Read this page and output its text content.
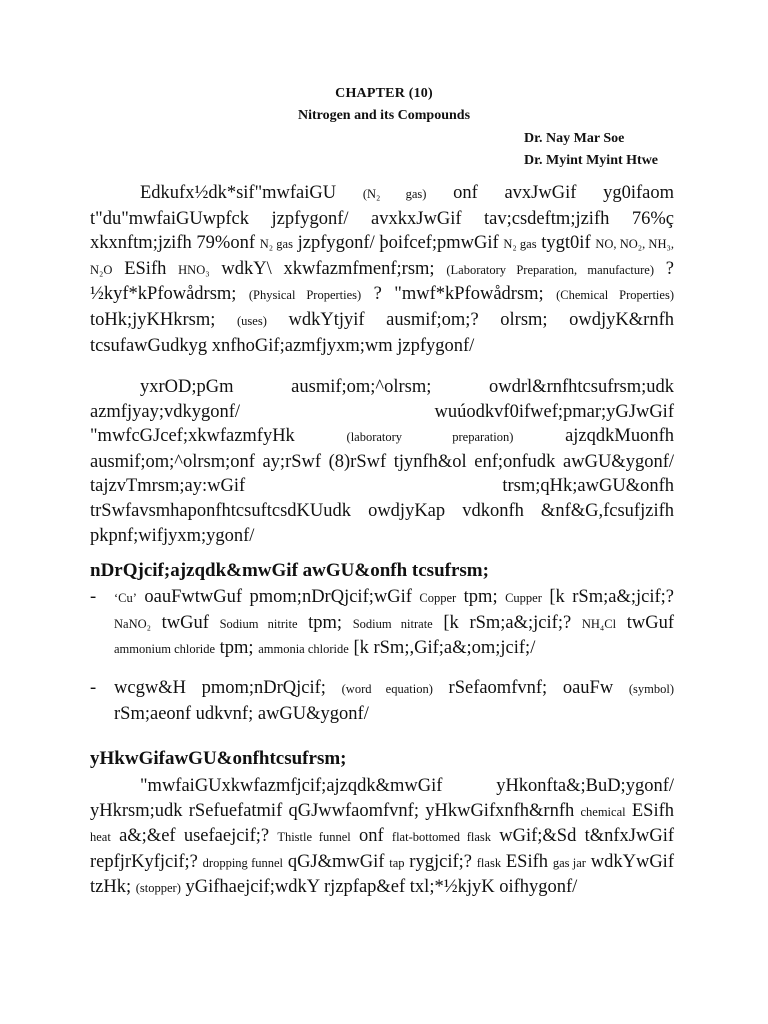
CHAPTER (10)
Nitrogen and its Compounds
Dr. Nay Mar Soe
Dr. Myint Myint Htwe

Edkufx½dk*sif"mwfaiGU (N₂ gas) onf avxJwGif yg0ifaom t"du"mwfaiGUwpfck jzpfygonf/ avxkxJwGif tav;csdeftm;jzifh 76%ç xkxnftm;jzifh 79%onf N₂ gas jzpfygonf/ þoifcef;pmwGif N₂ gas tygt0if NO, NO₂, NH₃, N₂O ESifh HNO₃ wdkY\ xkwfazmfmenf;rsm; (Laboratory Preparation, manufacture) ? ½kyf*kPfowådrsm; (Physical Properties) ? "mwf*kPfowådrsm; (Chemical Properties) toHk;jyKHkrsm; (uses) wdkYtjyif ausmif;om;? olrsm; owdjyK&rnfh tcsufawGudkyg xnfhoGif;azmfjyxm;wm jzpfygonf/

yxrOD;pGm ausmif;om;^olrsm; owdrl&rnfhtcsufrsm;udk azmfjyay;vdkygonf/ wuúodkvf0ifwef;pmar;yGJwGif "mwfcGJcef;xkwfazmfyHk (laboratory preparation) ajzqdkMuonfh ausmif;om;^olrsm;onf ay;rSwf (8)rSwf tjynfh&ol enf;onfudk awGU&ygonf/ tajzvTmrsm;ay:wGif trsm;qHk;awGU&onfh trSwfavsmhaponfhtcsuftcsdKUudk owdjyKap vdkonfh &nf&G,fcsufjzifh pkpnf;wifjyxm;ygonf/

nDrQjcif;ajzqdk&mwGif awGU&onfh tcsufrsm;

- ‘Cu’ oauFwtwGuf pmom;nDrQjcif;wGif Copper tpm; Cupper [k rSm;a&;jcif;? NaNO₂ twGuf Sodium nitrite tpm; Sodium nitrate [k rSm;a&;jcif;? NH₄Cl twGuf ammonium chloride tpm; ammonia chloride [k rSm;,Gif;a&;om;jcif;/
- wcgw&H pmom;nDrQjcif; (word equation) rSefaomfvnf; oauFw (symbol) rSm;aeonf udkvnf; awGU&ygonf/

yHkwGifawGU&onfhtcsufrsm;

"mwfaiGUxkwfazmfjcif;ajzqdk&mwGif yHkonfta&;BuD;ygonf/ yHkrsm;udk rSefuefatmif qGJwwfaomfvnf; yHkwGifxnfh&rnfh chemical ESifh heat a&;&ef usefaejcif;? Thistle funnel onf flat-bottomed flask wGif;&Sd t&nfxJwGif repfjrKyfjcif;? dropping funnel qGJ&mwGif tap rygjcif;? flask ESifh gas jar wdkYwGif tzHk; (stopper) yGifhaejcif;wdkY rjzpfap&ef txl;*½kjyK oifhygonf/
